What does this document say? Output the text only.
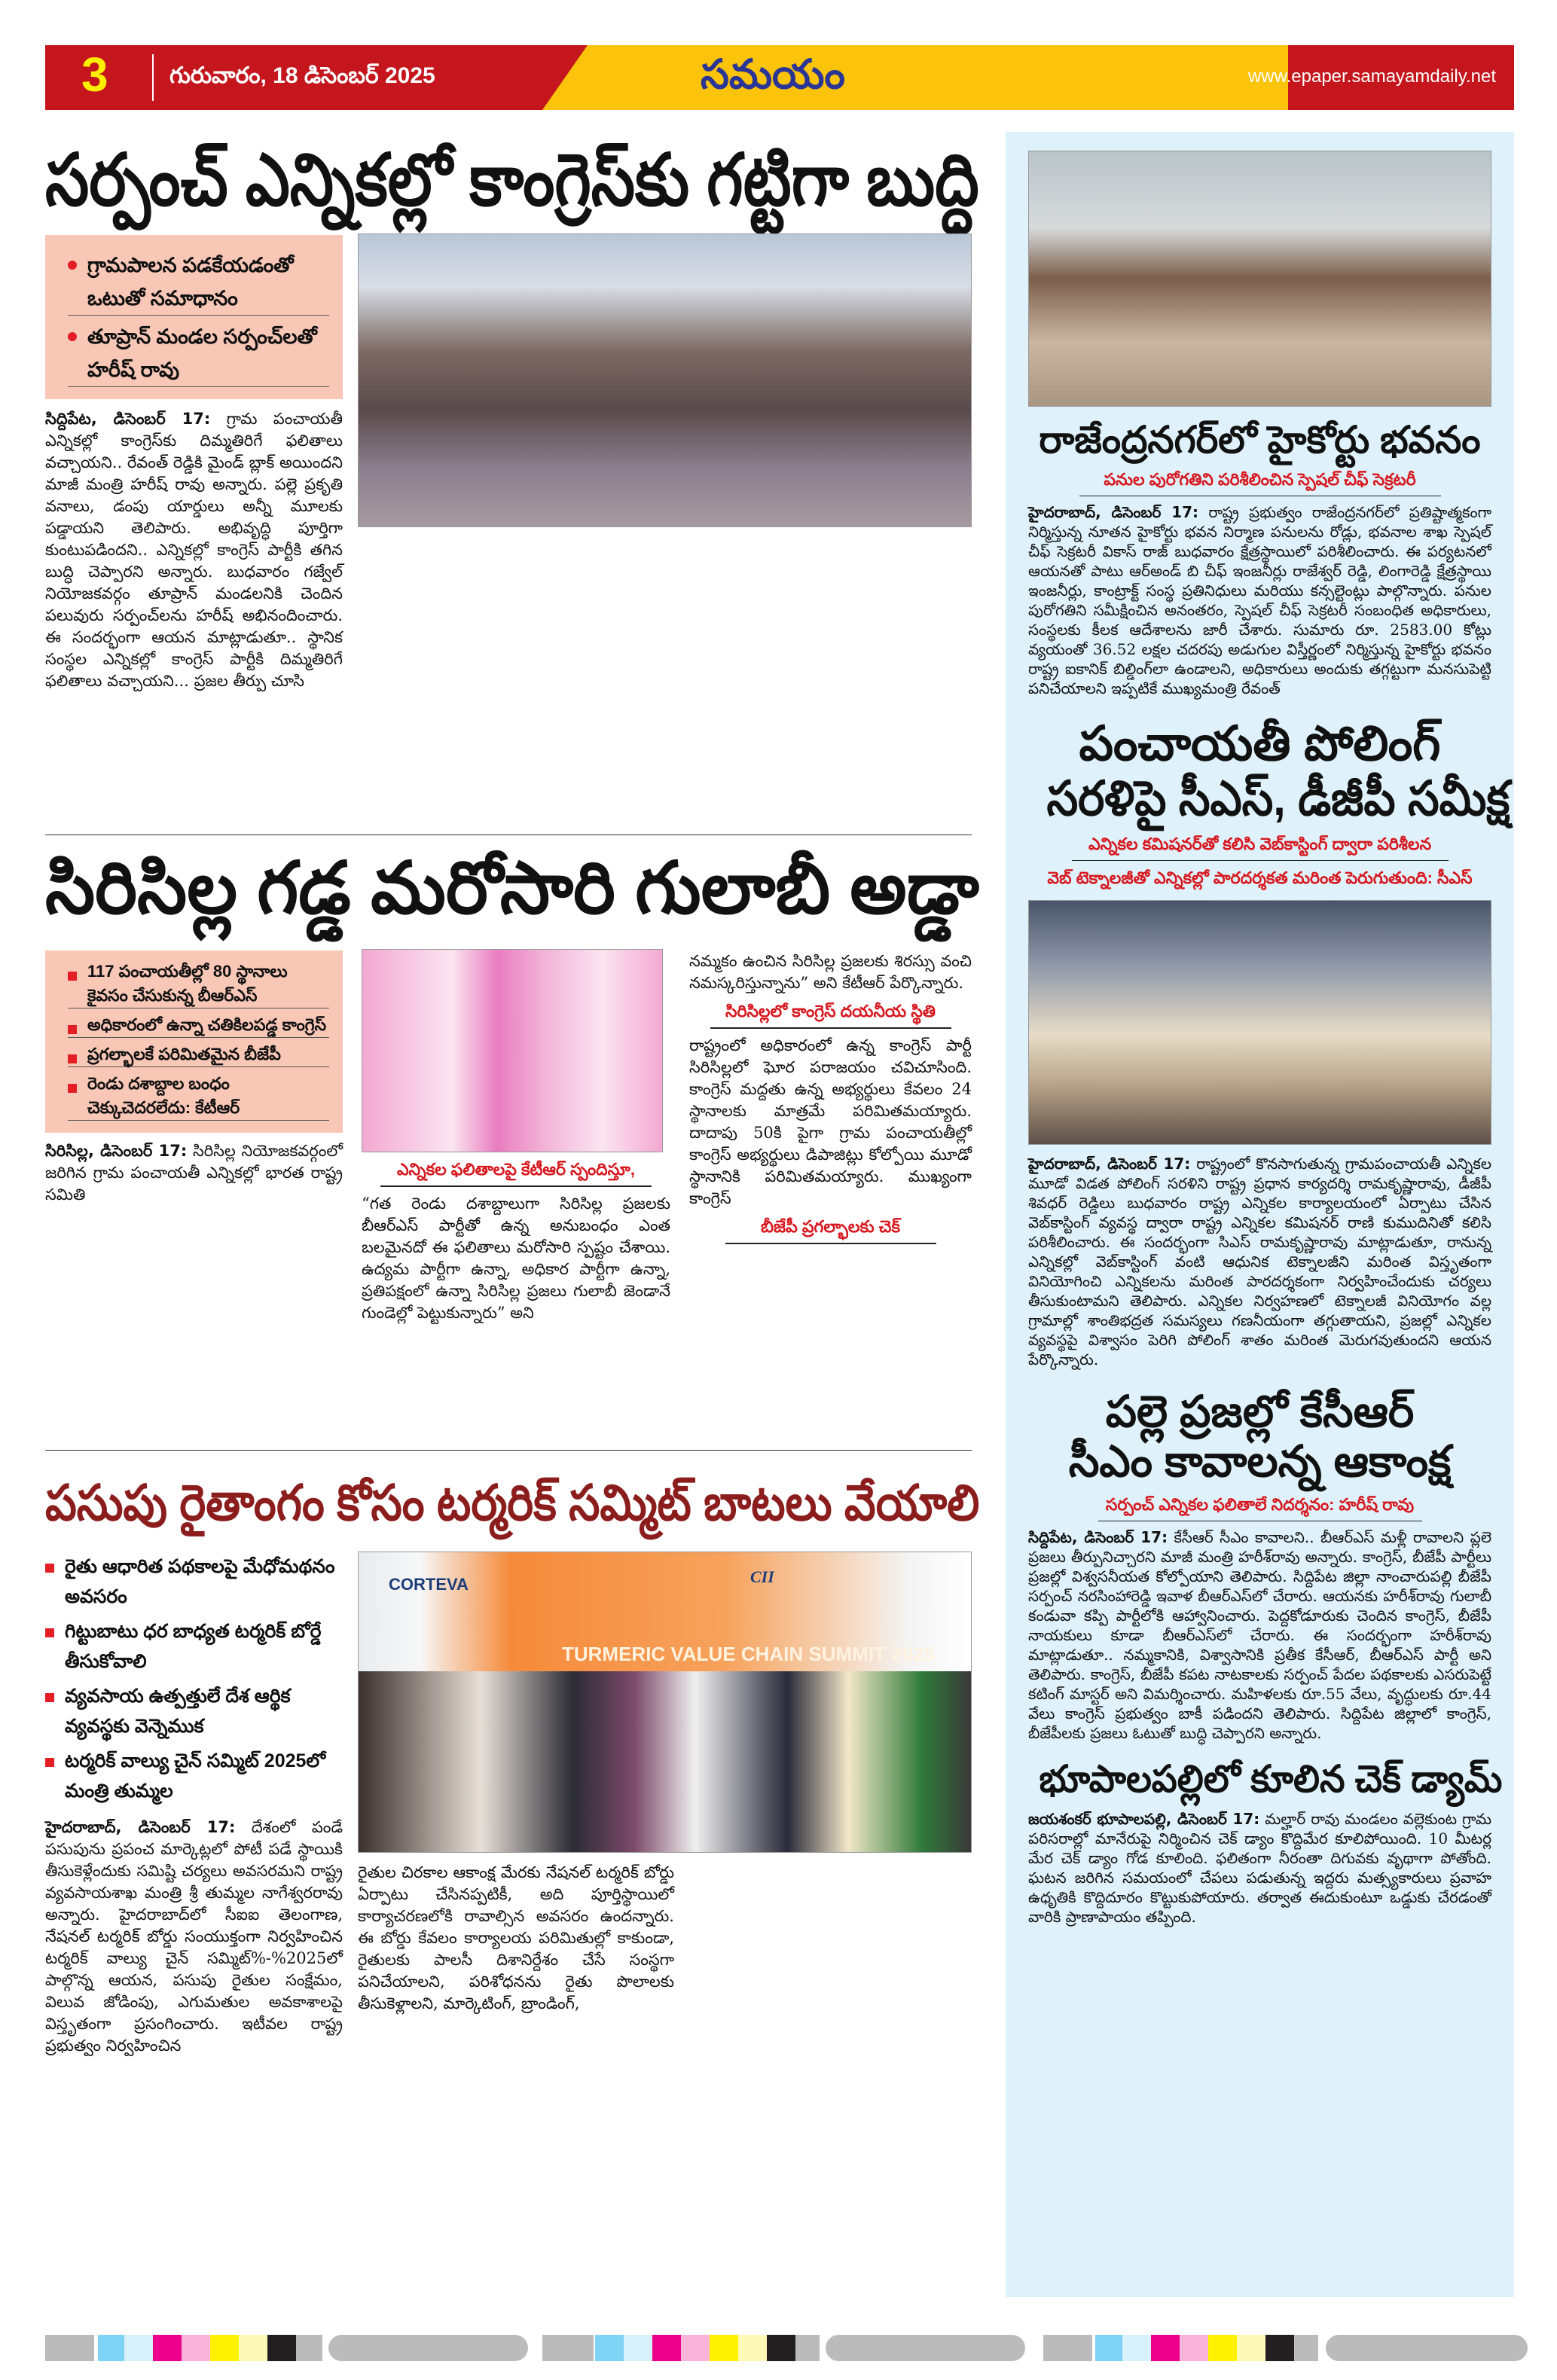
3	గురువారం, 18 డిసెంబర్ 2025	సమయం	www.epaper.samayamdaily.net
సర్పంచ్ ఎన్నికల్లో కాంగ్రెస్‌కు గట్టిగా బుద్ధి
గ్రామపాలన పడకేయడంతో ఒటుతో సమాధానం
తూప్రాన్ మండల సర్పంచ్‌లతో హరీష్ రావు
సిద్దిపేట, డిసెంబర్ 17: గ్రామ పంచాయతీ ఎన్నికల్లో కాంగ్రెస్‌కు దిమ్మతిరిగే ఫలితాలు వచ్చాయని.. రేవంత్ రెడ్డికి మైండ్ బ్లాక్ అయిందని మాజీ మంత్రి హరీష్ రావు అన్నారు. పల్లె ప్రకృతి వనాలు, డంపు యార్డులు అన్నీ మూలకు పడ్డాయని తెలిపారు. అభివృద్ధి పూర్తిగా కుంటుపడిందని.. ఎన్నికల్లో కాంగ్రెస్ పార్టీకి తగిన బుద్ధి చెప్పారని అన్నారు. బుధవారం గజ్వేల్ నియోజకవర్గం తూప్రాన్ మండలనికి చెందిన పలువురు సర్పంచ్‌లను హరీష్ అభినందించారు. ఈ సందర్భంగా ఆయన మాట్లాడుతూ.. స్థానిక సంస్థల ఎన్నికల్లో కాంగ్రెస్ పార్టీకి దిమ్మతిరిగే ఫలితాలు వచ్చాయని... ప్రజల తీర్పు చూసి
సిరిసిల్ల గడ్డ మరోసారి గులాబీ అడ్డా
117 పంచాయతీల్లో 80 స్థానాలు కైవసం చేసుకున్న బీఆర్ఎస్
అధికారంలో ఉన్నా చతికిలపడ్డ కాంగ్రెస్
ప్రగల్భాలకే పరిమితమైన బీజేపీ
రెండు దశాబ్దాల బంధం చెక్కుచెదరలేదు: కేటీఆర్
సిరిసిల్ల, డిసెంబర్ 17: సిరిసిల్ల నియోజకవర్గంలో జరిగిన గ్రామ పంచాయతీ ఎన్నికల్లో భారత రాష్ట్ర సమితి
ఎన్నికల ఫలితాలపై కేటీఆర్ స్పందిస్తూ,
“గత రెండు దశాబ్దాలుగా సిరిసిల్ల ప్రజలకు బీఆర్ఎస్ పార్టీతో ఉన్న అనుబంధం ఎంత బలమైనదో ఈ ఫలితాలు మరోసారి స్పష్టం చేశాయి. ఉద్యమ పార్టీగా ఉన్నా, అధికార పార్టీగా ఉన్నా, ప్రతిపక్షంలో ఉన్నా సిరిసిల్ల ప్రజలు గులాబీ జెండానే గుండెల్లో పెట్టుకున్నారు” అని
నమ్మకం ఉంచిన సిరిసిల్ల ప్రజలకు శిరస్సు వంచి నమస్కరిస్తున్నాను” అని కేటీఆర్ పేర్కొన్నారు.
సిరిసిల్లలో కాంగ్రెస్ దయనీయ స్థితి
రాష్ట్రంలో అధికారంలో ఉన్న కాంగ్రెస్ పార్టీ సిరిసిల్లలో ఘోర పరాజయం చవిచూసింది. కాంగ్రెస్ మద్దతు ఉన్న అభ్యర్థులు కేవలం 24 స్థానాలకు మాత్రమే పరిమితమయ్యారు. దాదాపు 50కి పైగా గ్రామ పంచాయతీల్లో కాంగ్రెస్ అభ్యర్థులు డిపాజిట్లు కోల్పోయి మూడో స్థానానికి పరిమితమయ్యారు. ముఖ్యంగా కాంగ్రెస్
బీజేపీ ప్రగల్భాలకు చెక్
పసుపు రైతాంగం కోసం టర్మరిక్ సమ్మిట్ బాటలు వేయాలి
రైతు ఆధారిత పథకాలపై మేధోమథనం అవసరం
గిట్టుబాటు ధర బాధ్యత టర్మరిక్ బోర్డే తీసుకోవాలి
వ్యవసాయ ఉత్పత్తులే దేశ ఆర్థిక వ్యవస్థకు వెన్నెముక
టర్మరిక్ వాల్యు చైన్ సమ్మిట్ 2025లో మంత్రి తుమ్మల
హైదరాబాద్, డిసెంబర్ 17: దేశంలో పండే పసుపును ప్రపంచ మార్కెట్లలో పోటీ పడే స్థాయికి తీసుకెళ్లేందుకు సమిష్టి చర్యలు అవసరమని రాష్ట్ర వ్యవసాయశాఖ మంత్రి శ్రీ తుమ్మల నాగేశ్వరరావు అన్నారు. హైదరాబాద్‌లో సీఐఐ తెలంగాణ, నేషనల్ టర్మరిక్ బోర్డు సంయుక్తంగా నిర్వహించిన టర్మరిక్ వాల్యు చైన్ సమ్మిట్%-%2025లో పాల్గొన్న ఆయన, పసుపు రైతుల సంక్షేమం, విలువ జోడింపు, ఎగుమతుల అవకాశాలపై విస్తృతంగా ప్రసంగించారు. ఇటీవల రాష్ట్ర ప్రభుత్వం నిర్వహించిన
TURMERIC VALUE CHAIN SUMMIT 2025
CORTEVA	CII
రైతుల చిరకాల ఆకాంక్ష మేరకు నేషనల్ టర్మరిక్ బోర్డు ఏర్పాటు చేసినప్పటికీ, అది పూర్తిస్థాయిలో కార్యాచరణలోకి రావాల్సిన అవసరం ఉందన్నారు. ఈ బోర్డు కేవలం కార్యాలయ పరిమితుల్లో కాకుండా, రైతులకు పాలసీ దిశానిర్దేశం చేసే సంస్థగా పనిచేయాలని, పరిశోధనను రైతు పొలాలకు తీసుకెళ్లాలని, మార్కెటింగ్, బ్రాండింగ్,
రాజేంద్రనగర్‌లో హైకోర్టు భవనం
పనుల పురోగతిని పరిశీలించిన స్పెషల్ చీఫ్ సెక్రటరీ
హైదరాబాద్, డిసెంబర్ 17: రాష్ట్ర ప్రభుత్వం రాజేంద్రనగర్‌లో ప్రతిష్టాత్మకంగా నిర్మిస్తున్న నూతన హైకోర్టు భవన నిర్మాణ పనులను రోడ్లు, భవనాల శాఖ స్పెషల్ చీఫ్ సెక్రటరీ వికాస్ రాజ్ బుధవారం క్షేత్రస్థాయిలో పరిశీలించారు. ఈ పర్యటనలో ఆయనతో పాటు ఆర్‌అండ్ బి చీఫ్ ఇంజనీర్లు రాజేశ్వర్ రెడ్డి, లింగారెడ్డి క్షేత్రస్థాయి ఇంజనీర్లు, కాంట్రాక్ట్ సంస్థ ప్రతినిధులు మరియు కన్సల్టెంట్లు పాల్గొన్నారు. పనుల పురోగతిని సమీక్షించిన అనంతరం, స్పెషల్ చీఫ్ సెక్రటరీ సంబంధిత అధికారులు, సంస్థలకు కీలక ఆదేశాలను జారీ చేశారు. సుమారు రూ. 2583.00 కోట్లు వ్యయంతో 36.52 లక్షల చదరపు అడుగుల విస్తీర్ణంలో నిర్మిస్తున్న హైకోర్టు భవనం రాష్ట్ర ఐకానిక్ బిల్డింగ్‌లా ఉండాలని, అధికారులు అందుకు తగ్గట్టుగా మనసుపెట్టి పనిచేయాలని ఇప్పటికే ముఖ్యమంత్రి రేవంత్
పంచాయతీ పోలింగ్
సరళిపై సీఎస్, డీజీపీ సమీక్ష
ఎన్నికల కమిషనర్‌తో కలిసి వెబ్‌కాస్టింగ్ ద్వారా పరిశీలన
వెబ్ టెక్నాలజీతో ఎన్నికల్లో పారదర్శకత మరింత పెరుగుతుంది: సీఎస్
హైదరాబాద్, డిసెంబర్ 17: రాష్ట్రంలో కొనసాగుతున్న గ్రామపంచాయతీ ఎన్నికల మూడో విడత పోలింగ్ సరళిని రాష్ట్ర ప్రధాన కార్యదర్శి రామకృష్ణారావు, డీజీపీ శివధర్ రెడ్డిలు బుధవారం రాష్ట్ర ఎన్నికల కార్యాలయంలో ఏర్పాటు చేసిన వెబ్‌కాస్టింగ్ వ్యవస్థ ద్వారా రాష్ట్ర ఎన్నికల కమిషనర్ రాణి కుముదినితో కలిసి పరిశీలించారు. ఈ సందర్భంగా సిఎస్ రామకృష్ణారావు మాట్లాడుతూ, రానున్న ఎన్నికల్లో వెబ్‌కాస్టింగ్ వంటి ఆధునిక టెక్నాలజీని మరింత విస్తృతంగా వినియోగించి ఎన్నికలను మరింత పారదర్శకంగా నిర్వహించేందుకు చర్యలు తీసుకుంటామని తెలిపారు. ఎన్నికల నిర్వహణలో టెక్నాలజీ వినియోగం వల్ల గ్రామాల్లో శాంతిభద్రత సమస్యలు గణనీయంగా తగ్గుతాయని, ప్రజల్లో ఎన్నికల వ్యవస్థపై విశ్వాసం పెరిగి పోలింగ్ శాతం మరింత మెరుగవుతుందని ఆయన పేర్కొన్నారు.
పల్లె ప్రజల్లో కేసీఆర్
సీఎం కావాలన్న ఆకాంక్ష
సర్పంచ్ ఎన్నికల ఫలితాలే నిదర్శనం: హరీష్ రావు
సిద్దిపేట, డిసెంబర్ 17: కేసీఆర్ సీఎం కావాలని.. బీఆర్ఎస్ మళ్లీ రావాలని ప్లలె ప్రజలు తీర్పునిచ్చారని మాజీ మంత్రి హరీశ్‌రావు అన్నారు. కాంగ్రెస్, బీజేపీ పార్టీలు ప్రజల్లో విశ్వసనీయత కోల్పోయాని తెలిపారు. సిద్దిపేట జిల్లా నాంచారుపల్లి బీజేపీ సర్పంచ్ నరసింహారెడ్డి ఇవాళ బీఆర్ఎస్‌లో చేరారు. ఆయనకు హరీశ్‌రావు గులాబీ కండువా కప్పి పార్టీలోకి ఆహ్వానించారు. పెద్దకోడూరుకు చెందిన కాంగ్రెస్, బీజేపీ నాయకులు కూడా బీఆర్ఎస్‌లో చేరారు. ఈ సందర్భంగా హరీశ్‌రావు మాట్లాడుతూ.. నమ్మకానికి, విశ్వాసానికి ప్రతీక కేసీఆర్, బీఆర్ఎస్ పార్టీ అని తెలిపారు. కాంగ్రెస్, బీజేపీ కపట నాటకాలకు సర్పంచ్ పేదల పథకాలకు ఎసరుపెట్టే కటింగ్ మాస్టర్ అని విమర్శించారు. మహిళలకు రూ.55 వేలు, వృద్ధులకు రూ.44 వేలు కాంగ్రెస్ ప్రభుత్వం బాకీ పడిందని తెలిపారు. సిద్దిపేట జిల్లాలో కాంగ్రెస్, బీజేపీలకు ప్రజలు ఓటుతో బుద్ధి చెప్పారని అన్నారు.
భూపాలపల్లిలో కూలిన చెక్ డ్యామ్
జయశంకర్ భూపాలపల్లి, డిసెంబర్ 17: మల్హార్ రావు మండలం వల్లెకుంట గ్రామ పరిసరాల్లో మానేరుపై నిర్మించిన చెక్ డ్యాం కొద్దిమేర కూలిపోయింది. 10 మీటర్ల మేర చెక్ డ్యాం గోడ కూలింది. ఫలితంగా నీరంతా దిగువకు వృథాగా పోతోంది. ఘటన జరిగిన సమయంలో చేపలు పడుతున్న ఇద్దరు మత్స్యకారులు ప్రవాహ ఉధృతికి కొద్దిదూరం కొట్టుకుపోయారు. తర్వాత ఈదుకుంటూ ఒడ్డుకు చేరడంతో వారికి ప్రాణాపాయం తప్పింది.
